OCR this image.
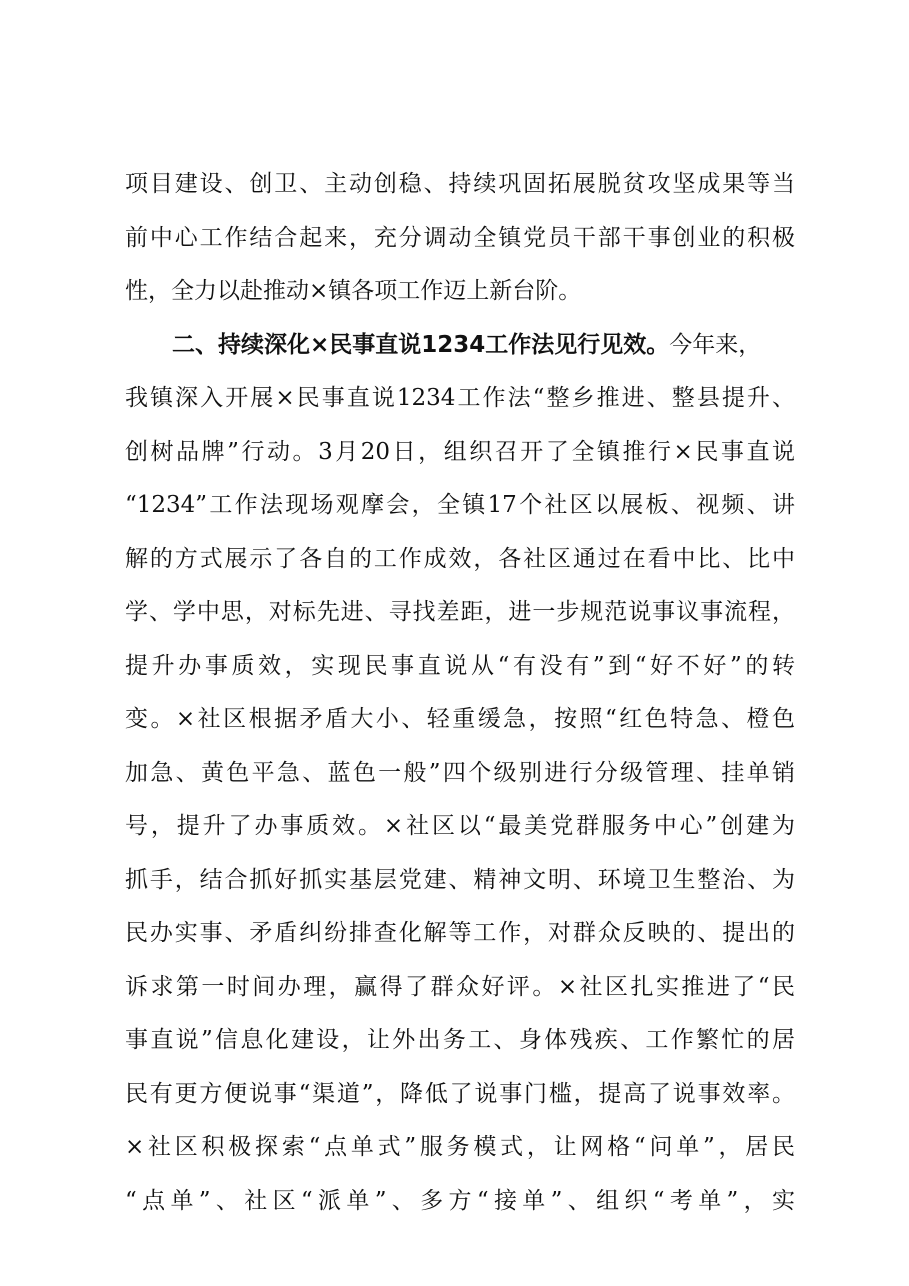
项目建设、创卫、主动创稳、持续巩固拓展脱贫攻坚成果等当
前中心工作结合起来，充分调动全镇党员干部干事创业的积极
性，全力以赴推动×镇各项工作迈上新台阶。
二、持续深化×民事直说1234工作法见行见效。今年来，
我镇深入开展×民事直说1234工作法“整乡推进、整县提升、
创树品牌”行动。3月20日，组织召开了全镇推行×民事直说
“1234”工作法现场观摩会，全镇17个社区以展板、视频、讲
解的方式展示了各自的工作成效，各社区通过在看中比、比中
学、学中思，对标先进、寻找差距，进一步规范说事议事流程，
提升办事质效，实现民事直说从“有没有”到“好不好”的转
变。×社区根据矛盾大小、轻重缓急，按照“红色特急、橙色
加急、黄色平急、蓝色一般”四个级别进行分级管理、挂单销
号，提升了办事质效。×社区以“最美党群服务中心”创建为
抓手，结合抓好抓实基层党建、精神文明、环境卫生整治、为
民办实事、矛盾纠纷排查化解等工作，对群众反映的、提出的
诉求第一时间办理，赢得了群众好评。×社区扎实推进了“民
事直说”信息化建设，让外出务工、身体残疾、工作繁忙的居
民有更方便说事“渠道”，降低了说事门槛，提高了说事效率。
×社区积极探索“点单式”服务模式，让网格“问单”，居民
“点单”、社区“派单”、多方“接单”、组织“考单”，实
